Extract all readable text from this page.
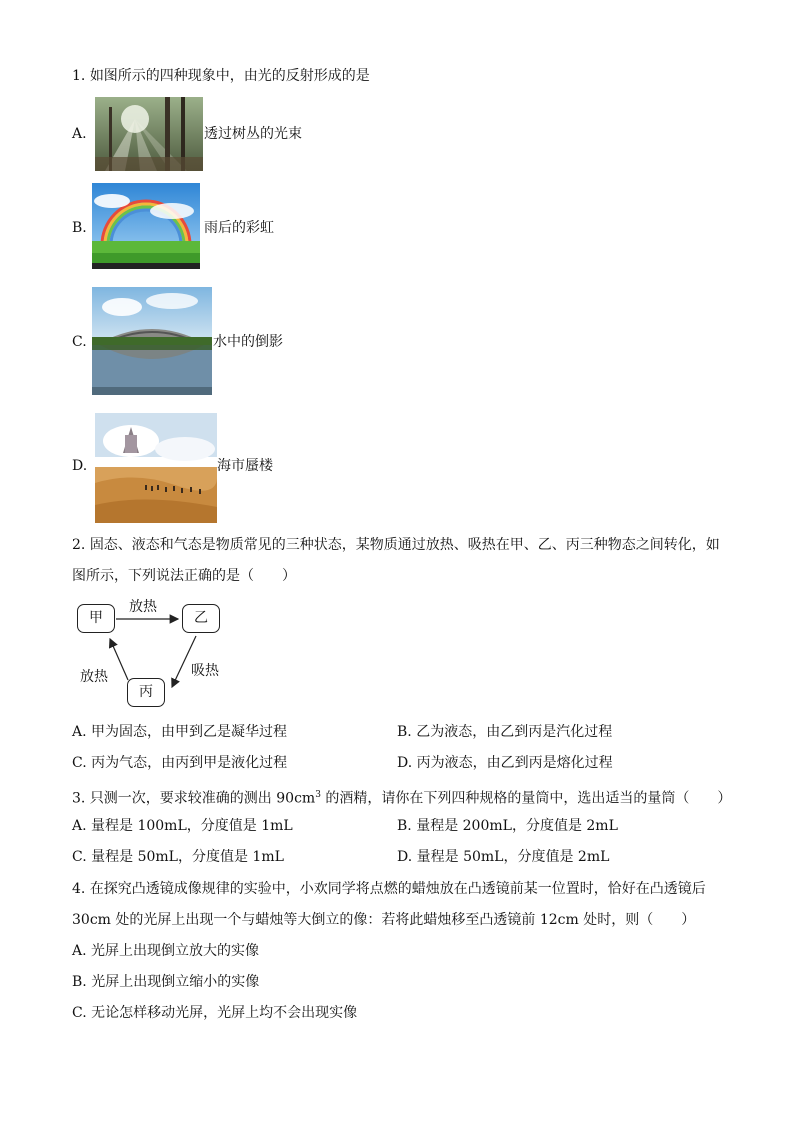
1. 如图所示的四种现象中，由光的反射形成的是
A.	透过树丛的光束
B.	雨后的彩虹
C.	水中的倒影
D.	海市蜃楼
2. 固态、液态和气态是物质常见的三种状态，某物质通过放热、吸热在甲、乙、丙三种物态之间转化，如
图所示，下列说法正确的是（　　）
甲	乙
丙
放热
吸热
放热
A. 甲为固态，由甲到乙是凝华过程	B. 乙为液态，由乙到丙是汽化过程
C. 丙为气态，由丙到甲是液化过程	D. 丙为液态，由乙到丙是熔化过程
3. 只测一次，要求较准确的测出 $90cm^3$ 的酒精，请你在下列四种规格的量筒中，选出适当的量筒（　　）
A. 量程是 100mL，分度值是 1mL	B. 量程是 200mL，分度值是 2mL
C. 量程是 50mL，分度值是 1mL	D. 量程是 50mL，分度值是 2mL
4. 在探究凸透镜成像规律的实验中，小欢同学将点燃的蜡烛放在凸透镜前某一位置时，恰好在凸透镜后
30cm 处的光屏上出现一个与蜡烛等大倒立的像：若将此蜡烛移至凸透镜前 12cm 处时，则（　　）
A. 光屏上出现倒立放大的实像
B. 光屏上出现倒立缩小的实像
C. 无论怎样移动光屏，光屏上均不会出现实像
